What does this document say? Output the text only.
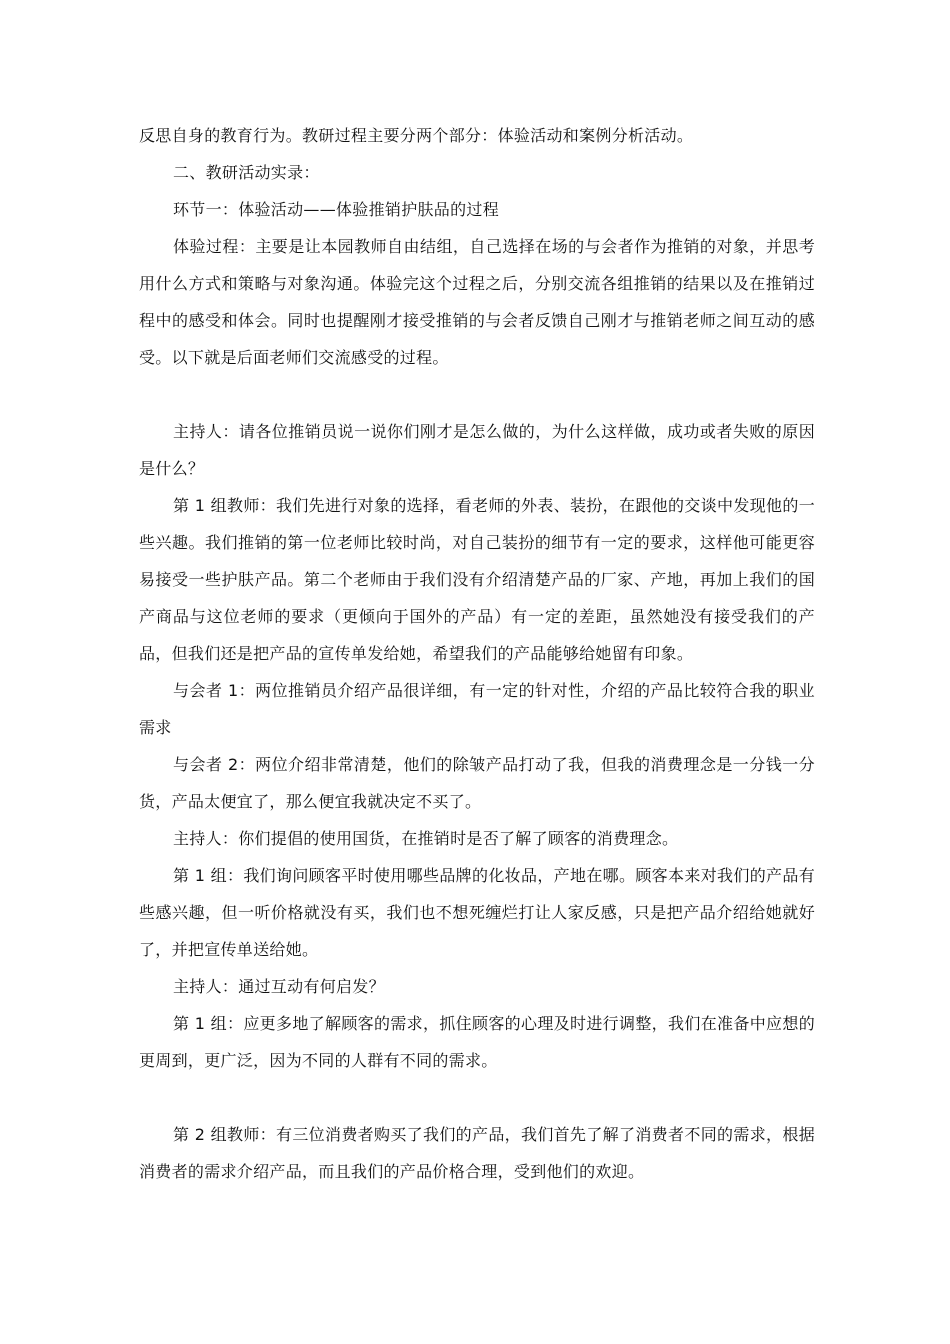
反思自身的教育行为。教研过程主要分两个部分：体验活动和案例分析活动。

二、教研活动实录：

环节一：体验活动——体验推销护肤品的过程

体验过程：主要是让本园教师自由结组，自己选择在场的与会者作为推销的对象，并思考用什么方式和策略与对象沟通。体验完这个过程之后，分别交流各组推销的结果以及在推销过程中的感受和体会。同时也提醒刚才接受推销的与会者反馈自己刚才与推销老师之间互动的感受。以下就是后面老师们交流感受的过程。

主持人：请各位推销员说一说你们刚才是怎么做的，为什么这样做，成功或者失败的原因是什么？

第 1 组教师：我们先进行对象的选择，看老师的外表、装扮，在跟他的交谈中发现他的一些兴趣。我们推销的第一位老师比较时尚，对自己装扮的细节有一定的要求，这样他可能更容易接受一些护肤产品。第二个老师由于我们没有介绍清楚产品的厂家、产地，再加上我们的国产商品与这位老师的要求（更倾向于国外的产品）有一定的差距，虽然她没有接受我们的产品，但我们还是把产品的宣传单发给她，希望我们的产品能够给她留有印象。

与会者 1：两位推销员介绍产品很详细，有一定的针对性，介绍的产品比较符合我的职业需求

与会者 2：两位介绍非常清楚，他们的除皱产品打动了我，但我的消费理念是一分钱一分货，产品太便宜了，那么便宜我就决定不买了。

主持人：你们提倡的使用国货，在推销时是否了解了顾客的消费理念。

第 1 组：我们询问顾客平时使用哪些品牌的化妆品，产地在哪。顾客本来对我们的产品有些感兴趣，但一听价格就没有买，我们也不想死缠烂打让人家反感，只是把产品介绍给她就好了，并把宣传单送给她。

主持人：通过互动有何启发？

第 1 组：应更多地了解顾客的需求，抓住顾客的心理及时进行调整，我们在准备中应想的更周到，更广泛，因为不同的人群有不同的需求。

第 2 组教师：有三位消费者购买了我们的产品，我们首先了解了消费者不同的需求，根据消费者的需求介绍产品，而且我们的产品价格合理，受到他们的欢迎。
